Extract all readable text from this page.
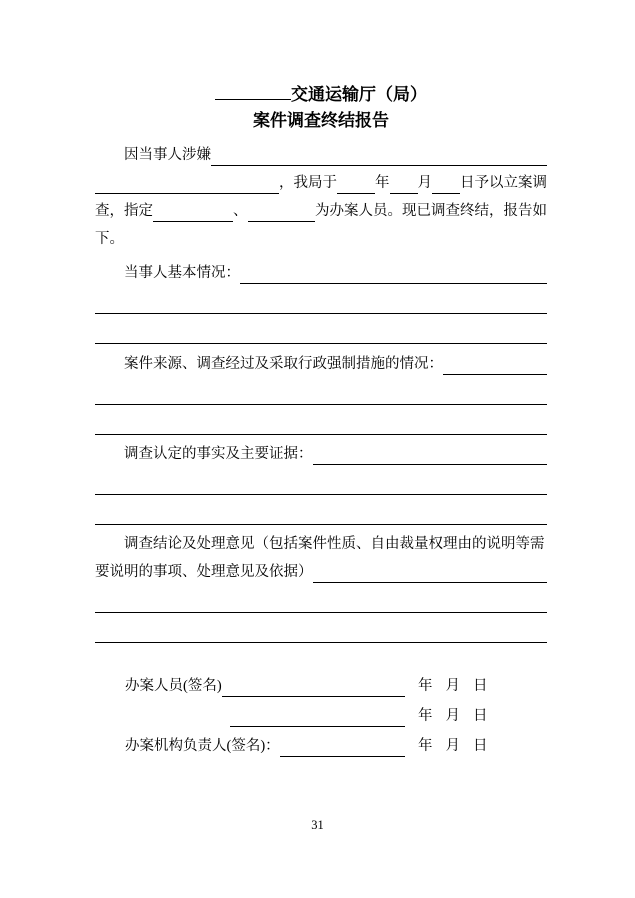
交通运输厅（局）
案件调查终结报告
因当事人涉嫌
，我局于	年 月 日予以立案调
查，指定	、	为办案人员。现已调查终结，报告如
下。
当事人基本情况：
案件来源、调查经过及采取行政强制措施的情况：
调查认定的事实及主要证据：
调查结论及处理意见（包括案件性质、自由裁量权理由的说明等需
要说明的事项、处理意见及依据）
办案人员(签名)	年 月 日
年 月 日
办案机构负责人(签名)：	年 月 日
31
